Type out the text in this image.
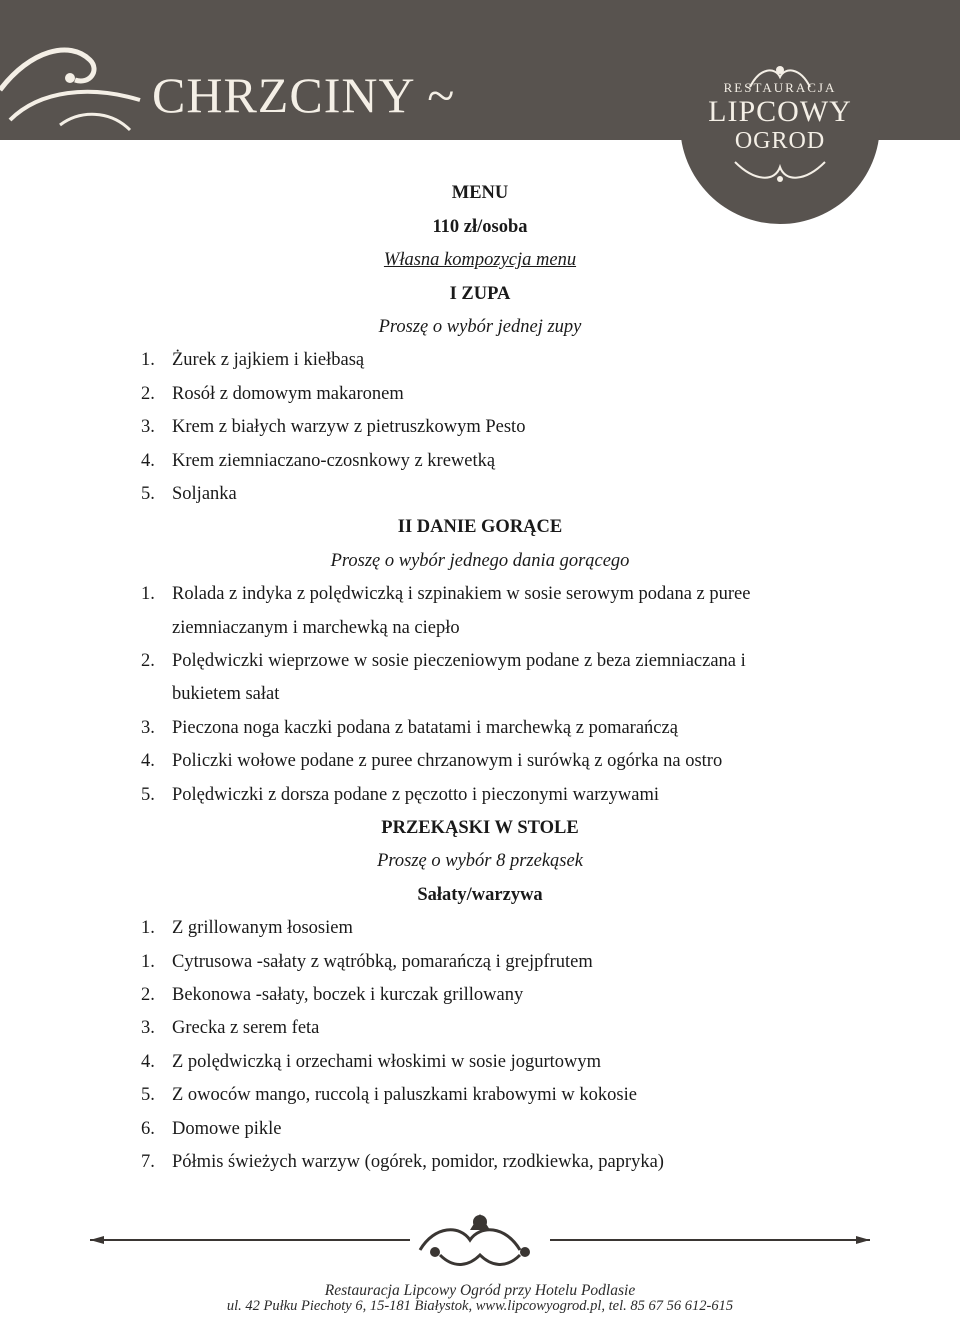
CHRZCINY ~	RESTAURACJA
LIPCOWY
OGROD
MENU
110 zł/osoba
Własna kompozycja menu
I ZUPA
Proszę o wybór jednej zupy
1. Żurek z jajkiem i kiełbasą
2. Rosół z domowym makaronem
3. Krem z białych warzyw z pietruszkowym Pesto
4. Krem ziemniaczano-czosnkowy z krewetką
5. Soljanka
II DANIE GORĄCE
Proszę o wybór jednego dania gorącego
1. Rolada z indyka z polędwiczką i szpinakiem w sosie serowym podana z puree
ziemniaczanym i marchewką na ciepło
2. Polędwiczki wieprzowe w sosie pieczeniowym podane z beza ziemniaczana i
bukietem sałat
3. Pieczona noga kaczki podana z batatami i marchewką z pomarańczą
4. Policzki wołowe podane z puree chrzanowym i surówką z ogórka na ostro
5. Polędwiczki z dorsza podane z pęczotto i pieczonymi warzywami
PRZEKĄSKI W STOLE
Proszę o wybór 8 przekąsek
Sałaty/warzywa
1. Z grillowanym łososiem
1. Cytrusowa -sałaty z wątróbką, pomarańczą i grejpfrutem
2. Bekonowa -sałaty, boczek i kurczak grillowany
3. Grecka z serem feta
4. Z polędwiczką i orzechami włoskimi w sosie jogurtowym
5. Z owoców mango, ruccolą i paluszkami krabowymi w kokosie
6. Domowe pikle
7. Półmis świeżych warzyw (ogórek, pomidor, rzodkiewka, papryka)
Restauracja Lipcowy Ogród przy Hotelu Podlasie
ul. 42 Pułku Piechoty 6, 15-181 Białystok, www.lipcowyogrod.pl, tel. 85 67 56 612-615
